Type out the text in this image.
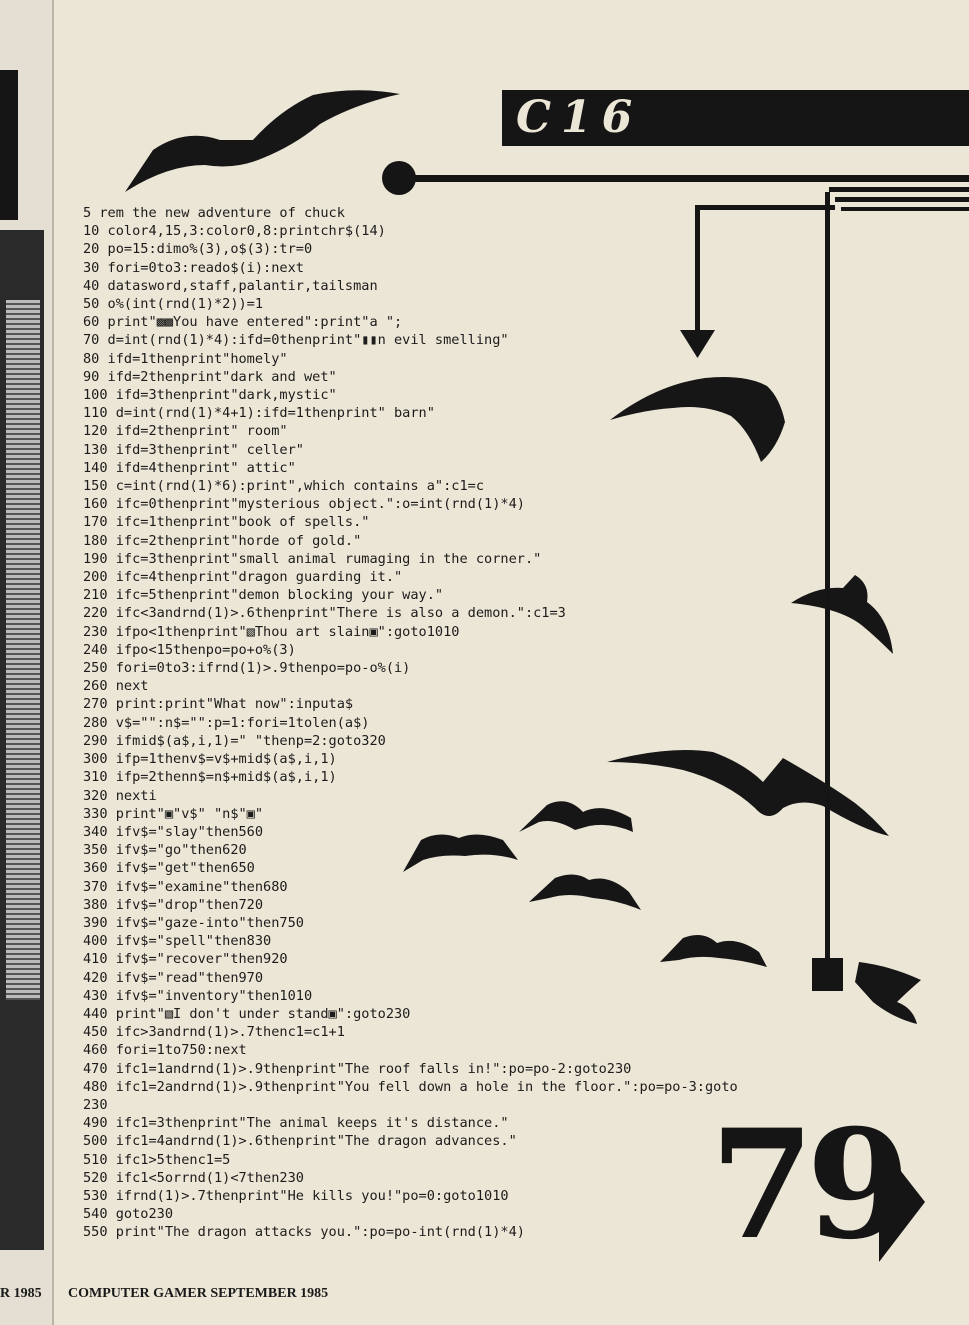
R 1985
C16
5 rem the new adventure of chuck
10 color4,15,3:color0,8:printchr$(14)
20 po=15:dimo%(3),o$(3):tr=0
30 fori=0to3:reado$(i):next
40 datasword,staff,palantir,tailsman
50 o%(int(rnd(1)*2))=1
60 print"▩▩You have entered":print"a ";
70 d=int(rnd(1)*4):ifd=0thenprint"▮▮n evil smelling"
80 ifd=1thenprint"homely"
90 ifd=2thenprint"dark and wet"
100 ifd=3thenprint"dark,mystic"
110 d=int(rnd(1)*4+1):ifd=1thenprint" barn"
120 ifd=2thenprint" room"
130 ifd=3thenprint" celler"
140 ifd=4thenprint" attic"
150 c=int(rnd(1)*6):print",which contains a":c1=c
160 ifc=0thenprint"mysterious object.":o=int(rnd(1)*4)
170 ifc=1thenprint"book of spells."
180 ifc=2thenprint"horde of gold."
190 ifc=3thenprint"small animal rumaging in the corner."
200 ifc=4thenprint"dragon guarding it."
210 ifc=5thenprint"demon blocking your way."
220 ifc<3andrnd(1)>.6thenprint"There is also a demon.":c1=3
230 ifpo<1thenprint"▧Thou art slain▣":goto1010
240 ifpo<15thenpo=po+o%(3)
250 fori=0to3:ifrnd(1)>.9thenpo=po-o%(i)
260 next
270 print:print"What now":inputa$
280 v$="":n$="":p=1:fori=1tolen(a$)
290 ifmid$(a$,i,1)=" "thenp=2:goto320
300 ifp=1thenv$=v$+mid$(a$,i,1)
310 ifp=2thenn$=n$+mid$(a$,i,1)
320 nexti
330 print"▣"v$" "n$"▣"
340 ifv$="slay"then560
350 ifv$="go"then620
360 ifv$="get"then650
370 ifv$="examine"then680
380 ifv$="drop"then720
390 ifv$="gaze-into"then750
400 ifv$="spell"then830
410 ifv$="recover"then920
420 ifv$="read"then970
430 ifv$="inventory"then1010
440 print"▧I don't under stand▣":goto230
450 ifc>3andrnd(1)>.7thenc1=c1+1
460 fori=1to750:next
470 ifc1=1andrnd(1)>.9thenprint"The roof falls in!":po=po-2:goto230
480 ifc1=2andrnd(1)>.9thenprint"You fell down a hole in the floor.":po=po-3:goto
230
490 ifc1=3thenprint"The animal keeps it's distance."
500 ifc1=4andrnd(1)>.6thenprint"The dragon advances."
510 ifc1>5thenc1=5
520 ifc1<5orrnd(1)<7then230
530 ifrnd(1)>.7thenprint"He kills you!"po=0:goto1010
540 goto230
550 print"The dragon attacks you.":po=po-int(rnd(1)*4)	79
COMPUTER GAMER SEPTEMBER 1985
